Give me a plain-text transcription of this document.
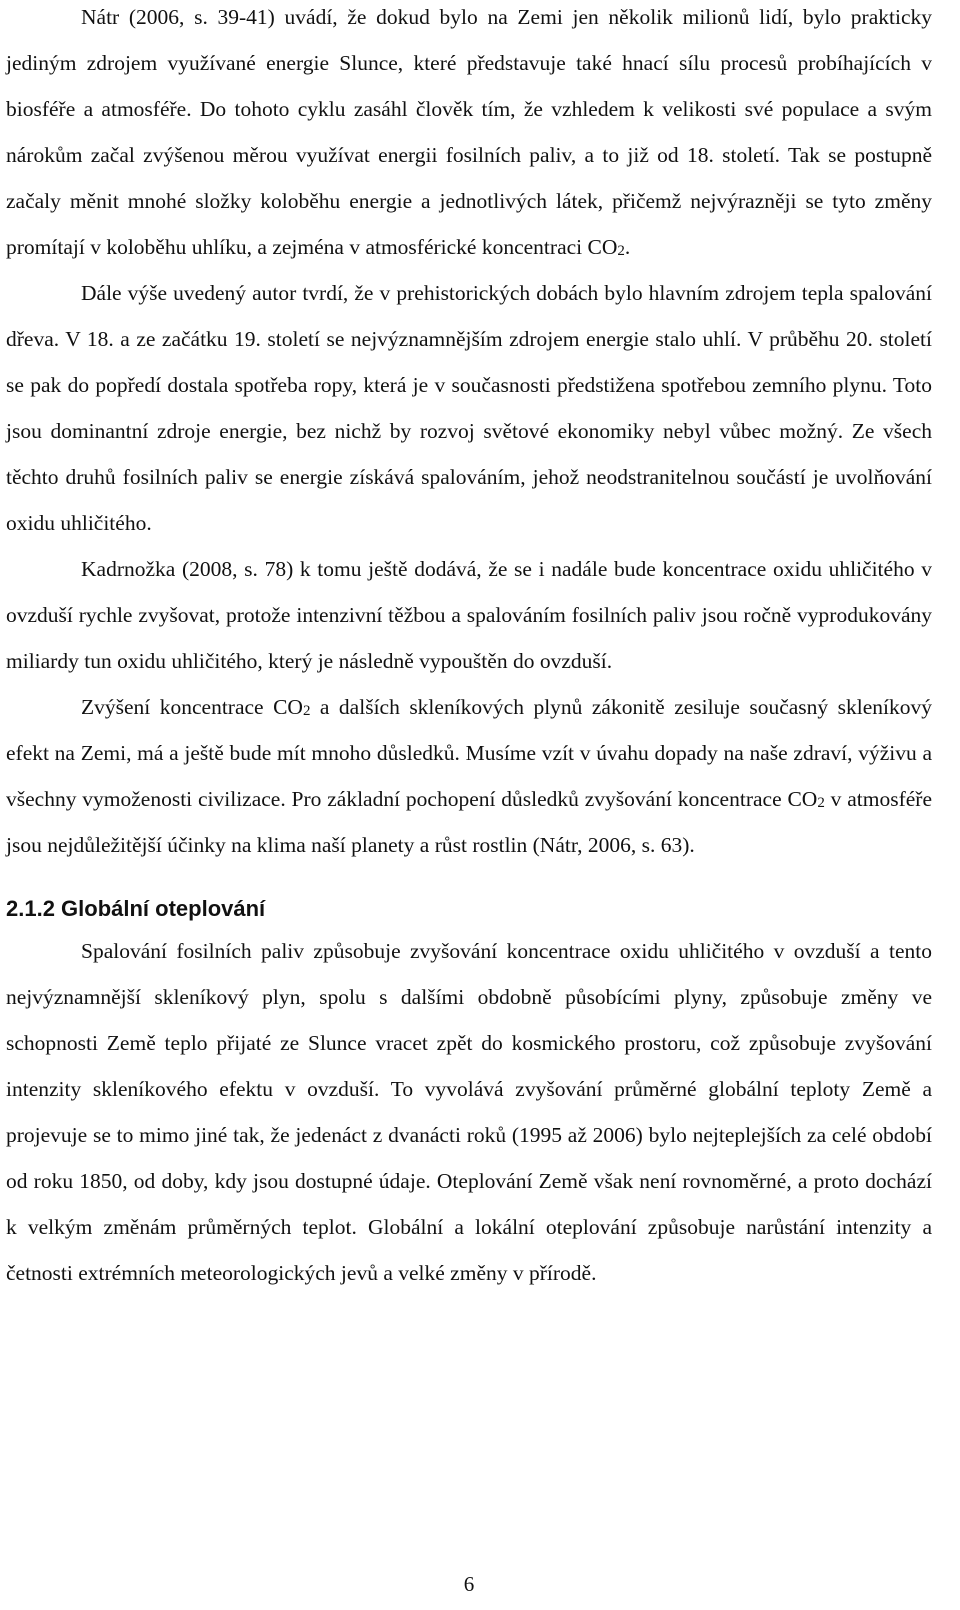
Nátr (2006, s. 39-41) uvádí, že dokud bylo na Zemi jen několik milionů lidí, bylo prakticky jediným zdrojem využívané energie Slunce, které představuje také hnací sílu procesů probíhajících v biosféře a atmosféře. Do tohoto cyklu zasáhl člověk tím, že vzhledem k velikosti své populace a svým nárokům začal zvýšenou měrou využívat energii fosilních paliv, a to již od 18. století. Tak se postupně začaly měnit mnohé složky koloběhu energie a jednotlivých látek, přičemž nejvýrazněji se tyto změny promítají v koloběhu uhlíku, a zejména v atmosférické koncentraci CO2.

Dále výše uvedený autor tvrdí, že v prehistorických dobách bylo hlavním zdrojem tepla spalování dřeva. V 18. a ze začátku 19. století se nejvýznamnějším zdrojem energie stalo uhlí. V průběhu 20. století se pak do popředí dostala spotřeba ropy, která je v současnosti předstižena spotřebou zemního plynu. Toto jsou dominantní zdroje energie, bez nichž by rozvoj světové ekonomiky nebyl vůbec možný. Ze všech těchto druhů fosilních paliv se energie získává spalováním, jehož neodstranitelnou součástí je uvolňování oxidu uhličitého.

Kadrnožka (2008, s. 78) k tomu ještě dodává, že se i nadále bude koncentrace oxidu uhličitého v ovzduší rychle zvyšovat, protože intenzivní těžbou a spalováním fosilních paliv jsou ročně vyprodukovány miliardy tun oxidu uhličitého, který je následně vypouštěn do ovzduší.

Zvýšení koncentrace CO2 a dalších skleníkových plynů zákonitě zesiluje současný skleníkový efekt na Zemi, má a ještě bude mít mnoho důsledků. Musíme vzít v úvahu dopady na naše zdraví, výživu a všechny vymoženosti civilizace. Pro základní pochopení důsledků zvyšování koncentrace CO2 v atmosféře jsou nejdůležitější účinky na klima naší planety a růst rostlin (Nátr, 2006, s. 63).

2.1.2 Globální oteplování

Spalování fosilních paliv způsobuje zvyšování koncentrace oxidu uhličitého v ovzduší a tento nejvýznamnější skleníkový plyn, spolu s dalšími obdobně působícími plyny, způsobuje změny ve schopnosti Země teplo přijaté ze Slunce vracet zpět do kosmického prostoru, což způsobuje zvyšování intenzity skleníkového efektu v ovzduší. To vyvolává zvyšování průměrné globální teploty Země a projevuje se to mimo jiné tak, že jedenáct z dvanácti roků (1995 až 2006) bylo nejteplejších za celé období od roku 1850, od doby, kdy jsou dostupné údaje. Oteplování Země však není rovnoměrné, a proto dochází k velkým změnám průměrných teplot. Globální a lokální oteplování způsobuje narůstání intenzity a četnosti extrémních meteorologických jevů a velké změny v přírodě.

6
